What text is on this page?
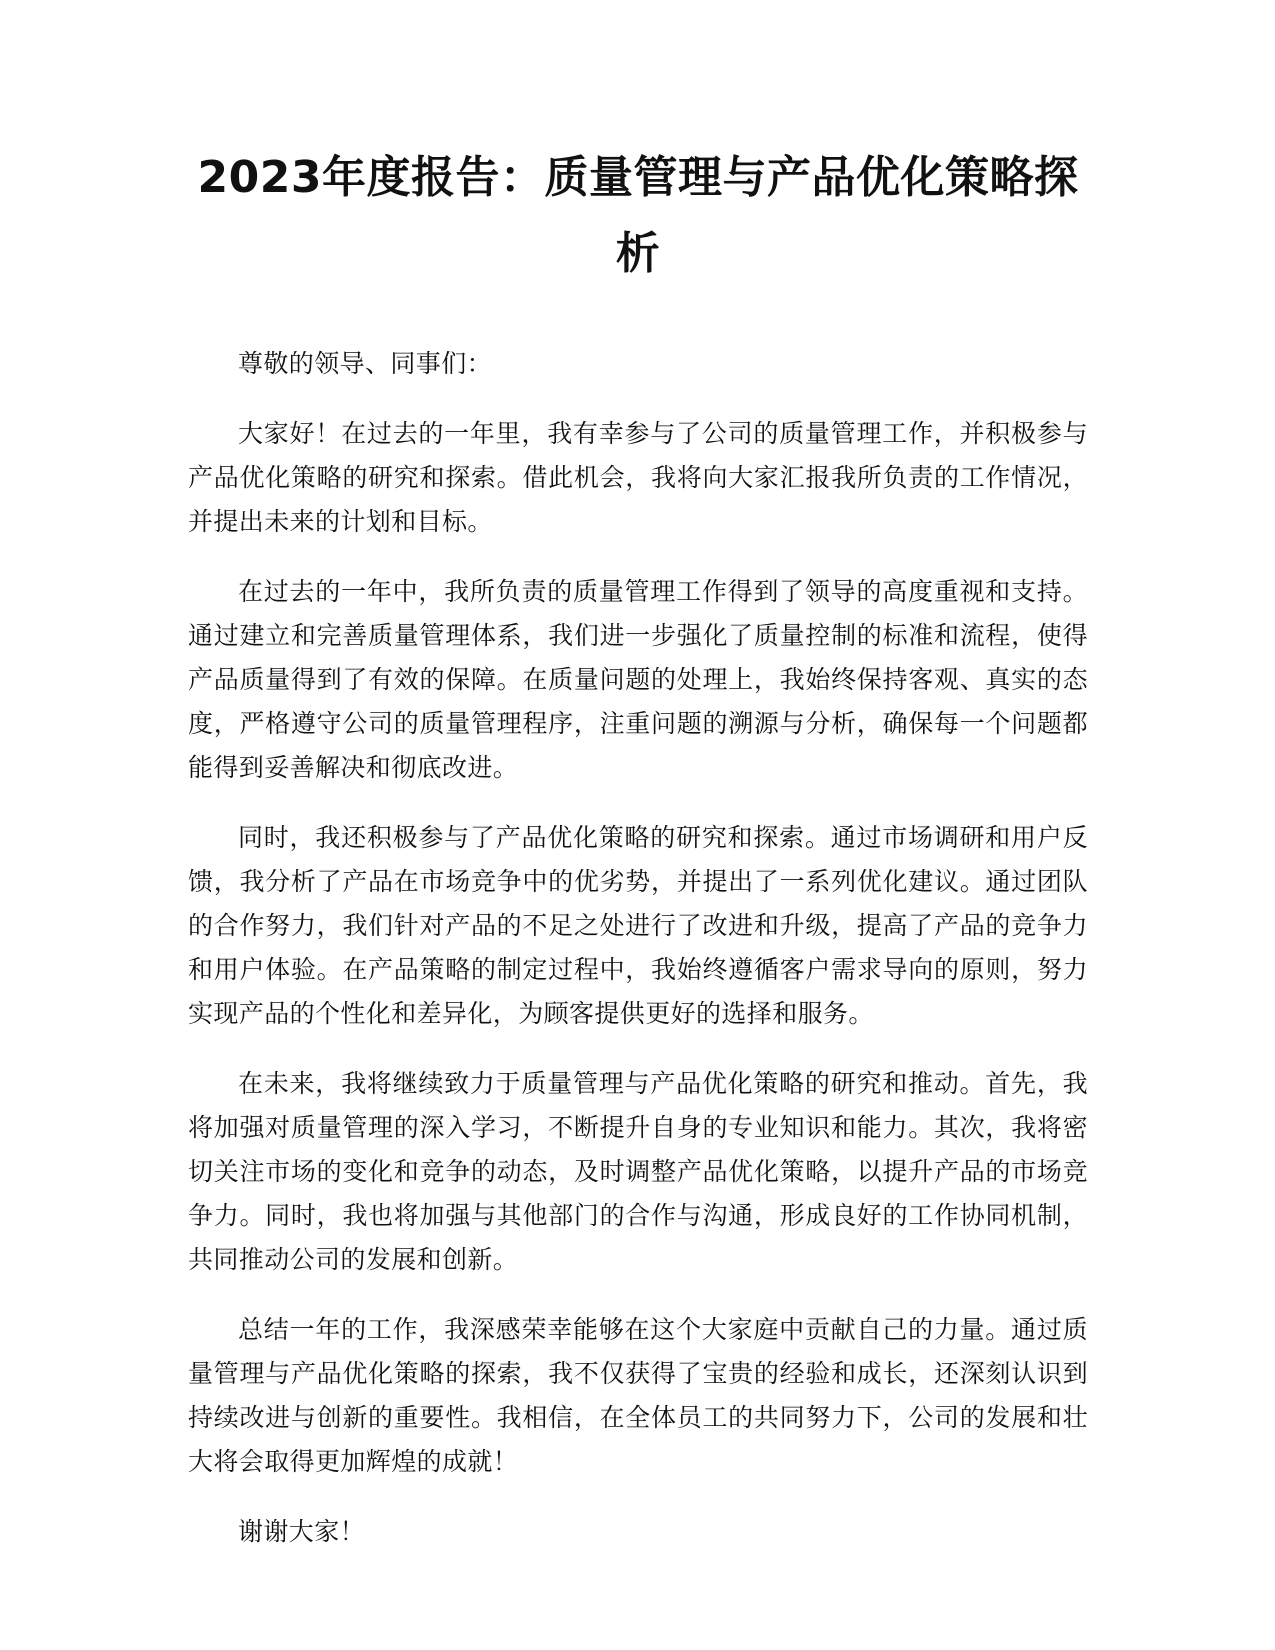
2023年度报告：质量管理与产品优化策略探析

尊敬的领导、同事们：

大家好！在过去的一年里，我有幸参与了公司的质量管理工作，并积极参与产品优化策略的研究和探索。借此机会，我将向大家汇报我所负责的工作情况，并提出未来的计划和目标。

在过去的一年中，我所负责的质量管理工作得到了领导的高度重视和支持。通过建立和完善质量管理体系，我们进一步强化了质量控制的标准和流程，使得产品质量得到了有效的保障。在质量问题的处理上，我始终保持客观、真实的态度，严格遵守公司的质量管理程序，注重问题的溯源与分析，确保每一个问题都能得到妥善解决和彻底改进。

同时，我还积极参与了产品优化策略的研究和探索。通过市场调研和用户反馈，我分析了产品在市场竞争中的优劣势，并提出了一系列优化建议。通过团队的合作努力，我们针对产品的不足之处进行了改进和升级，提高了产品的竞争力和用户体验。在产品策略的制定过程中，我始终遵循客户需求导向的原则，努力实现产品的个性化和差异化，为顾客提供更好的选择和服务。

在未来，我将继续致力于质量管理与产品优化策略的研究和推动。首先，我将加强对质量管理的深入学习，不断提升自身的专业知识和能力。其次，我将密切关注市场的变化和竞争的动态，及时调整产品优化策略，以提升产品的市场竞争力。同时，我也将加强与其他部门的合作与沟通，形成良好的工作协同机制，共同推动公司的发展和创新。

总结一年的工作，我深感荣幸能够在这个大家庭中贡献自己的力量。通过质量管理与产品优化策略的探索，我不仅获得了宝贵的经验和成长，还深刻认识到持续改进与创新的重要性。我相信，在全体员工的共同努力下，公司的发展和壮大将会取得更加辉煌的成就！

谢谢大家！
